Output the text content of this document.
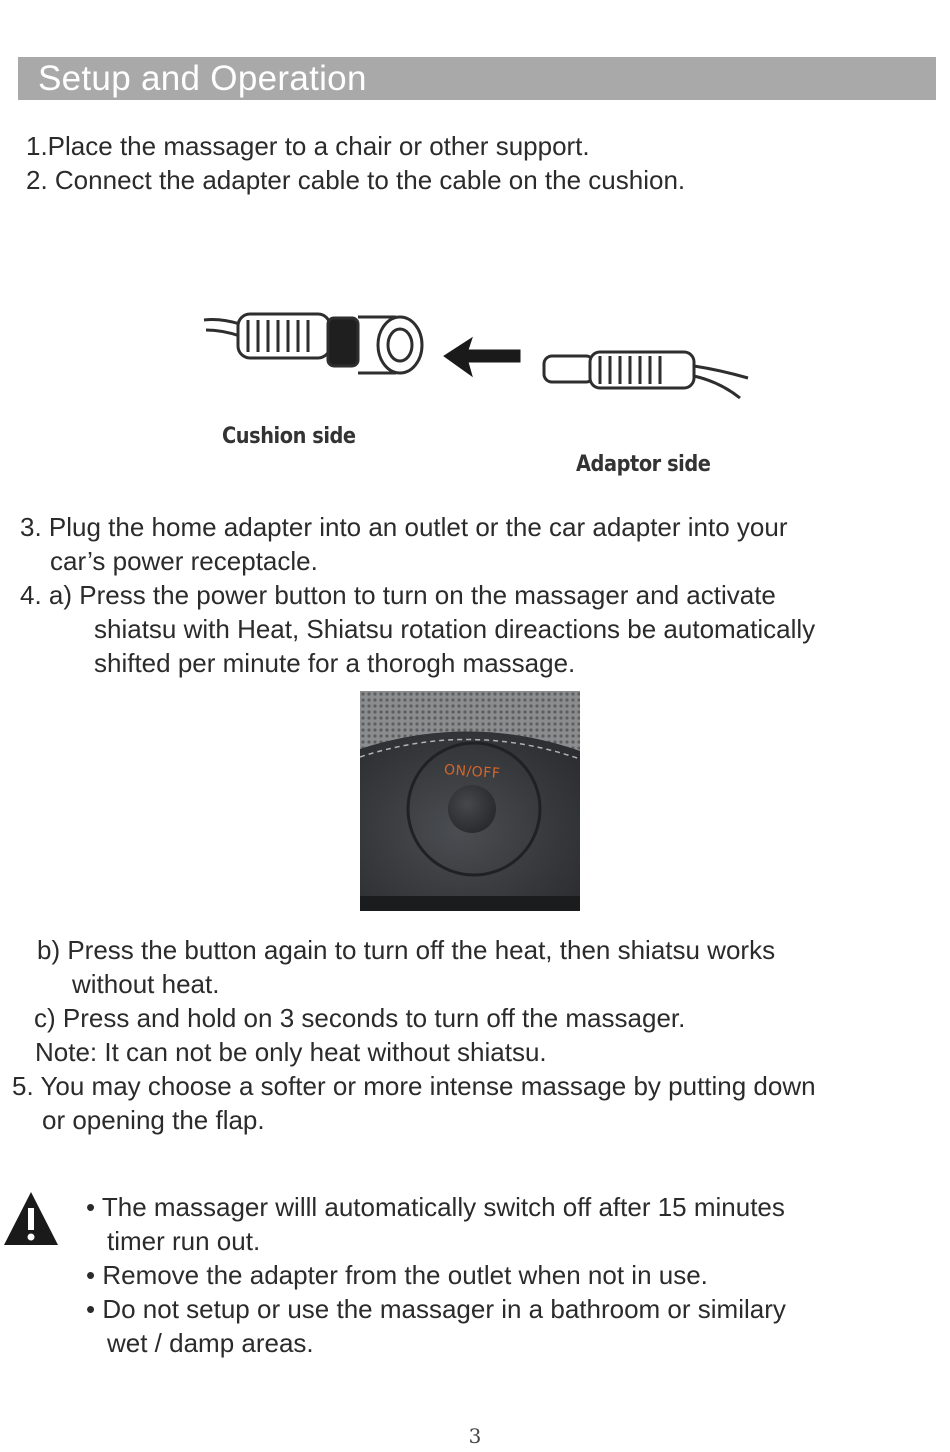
Setup and Operation
1.Place the massager to a chair or other support.
2. Connect the adapter cable to the cable on the cushion.
Cushion side
Adaptor side
3. Plug the home adapter into an outlet or the car adapter into your
car’s power receptacle.
4. a) Press the power button to turn on the massager and activate
shiatsu with Heat, Shiatsu rotation direactions be automatically
shifted per minute for a thorogh massage.
ON/OFF
b) Press the button again to turn off the heat, then shiatsu works
without heat.
c) Press and hold on 3 seconds to turn off the massager.
Note: It can not be only heat without shiatsu.
5. You may choose a softer or more intense massage by putting down
or opening the flap.
• The massager willl automatically switch off after 15 minutes
timer run out.
• Remove the adapter from the outlet when not in use.
• Do not setup or use the massager in a bathroom or similary
wet / damp areas.
3
